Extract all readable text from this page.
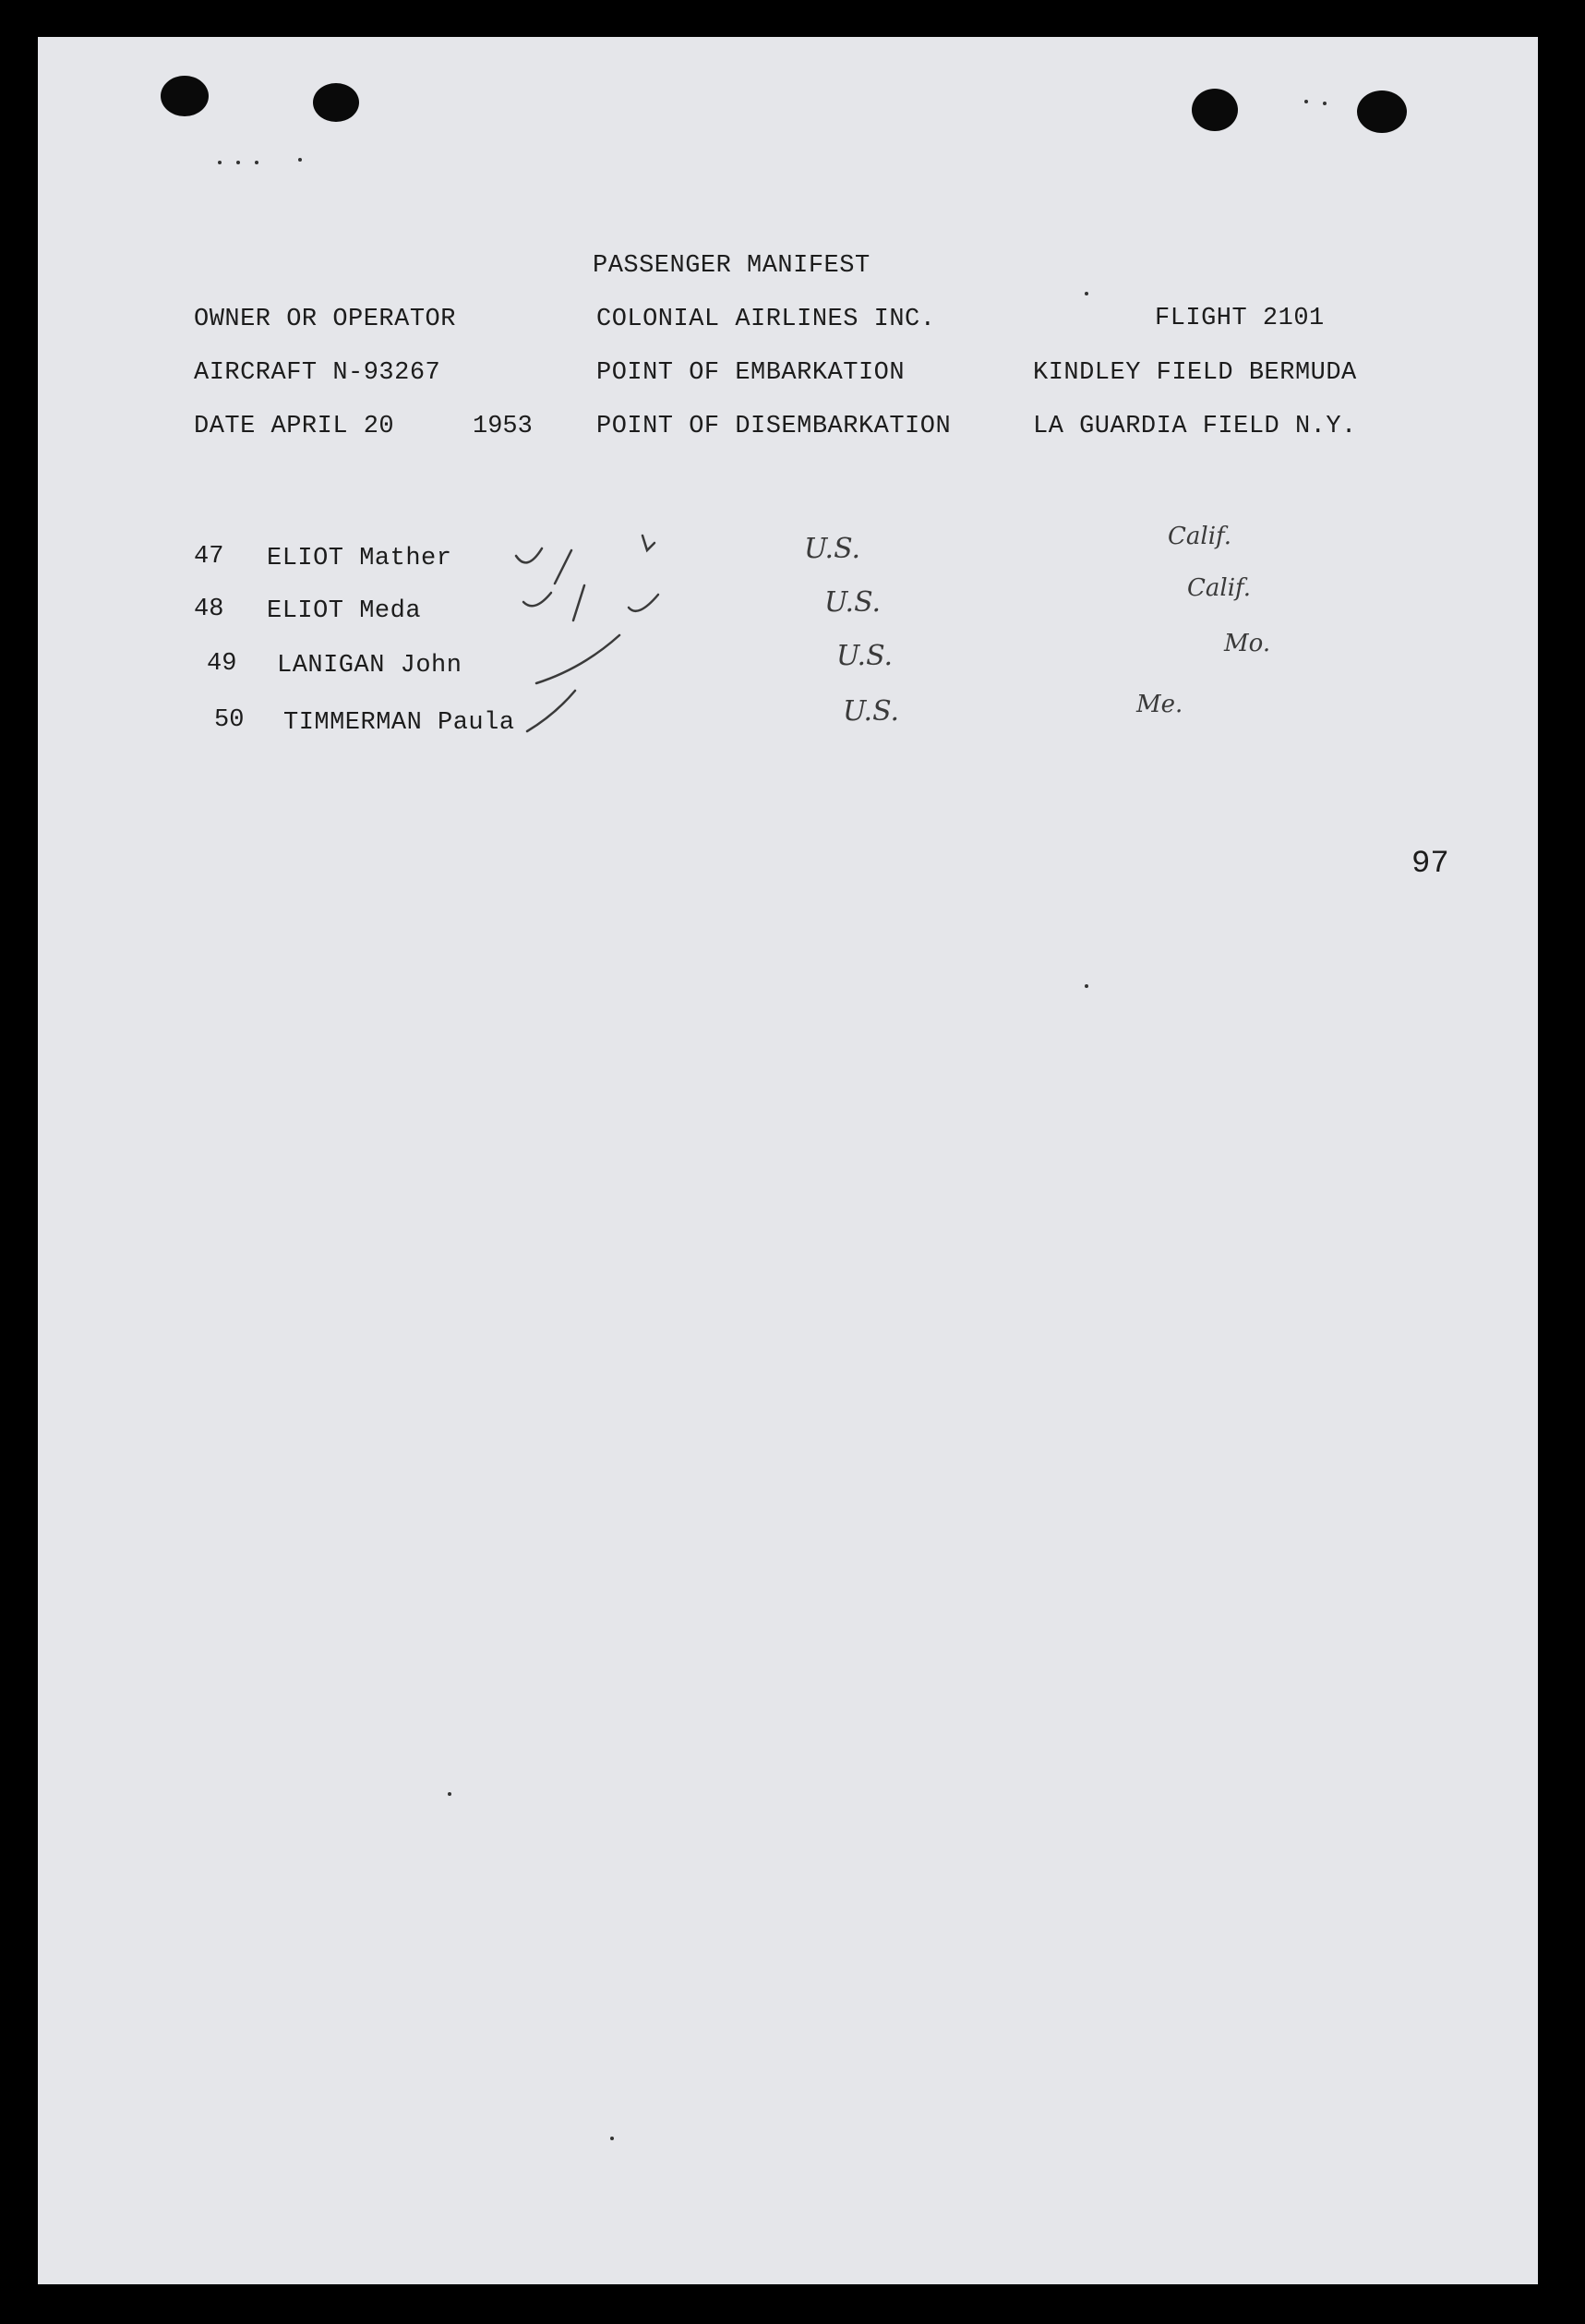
PASSENGER MANIFEST
OWNER OR OPERATOR	COLONIAL AIRLINES INC.	FLIGHT 2101
AIRCRAFT N-93267	POINT OF EMBARKATION	KINDLEY FIELD BERMUDA
DATE APRIL 20	1953	POINT OF DISEMBARKATION	LA GUARDIA FIELD N.Y.
47 ELIOT Mather	U.S.	Calif.
48 ELIOT Meda	U.S.	Calif.
49 LANIGAN John	U.S.	Mo.
50 TIMMERMAN Paula	U.S.	Me.
97
